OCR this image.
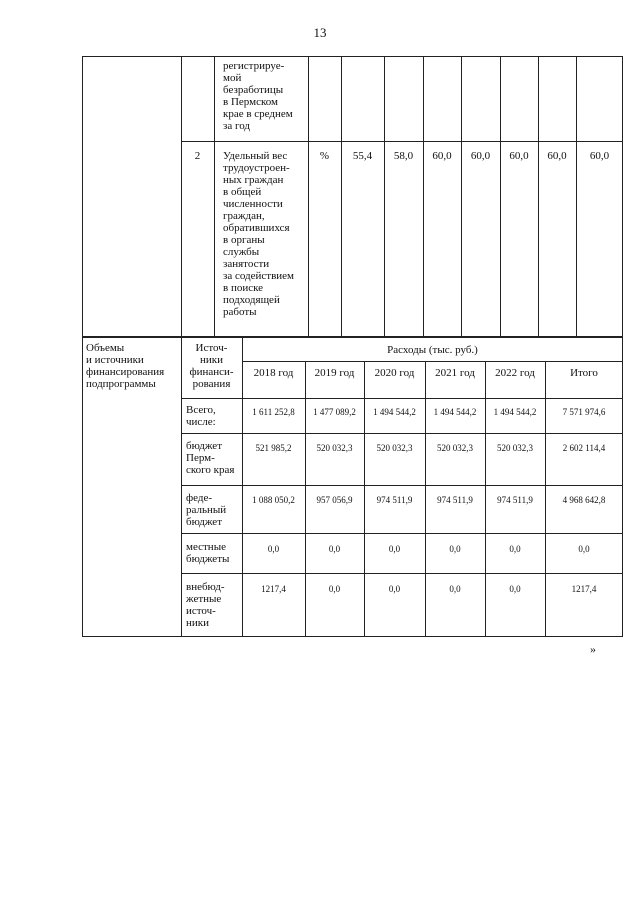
13
регистрируе-
мой
безработицы
в Пермском
крае в среднем
за год
2	Удельный вес
трудоустроен-
ных граждан
в общей
численности
граждан,
обратившихся
в органы
службы
занятости
за содействием
в поиске
подходящей
работы
%	55,4	58,0	60,0	60,0	60,0	60,0	60,0
Объемы
и источники
финансирования
подпрограммы
Источ-
ники
финанси-
рования
Расходы (тыс. руб.)
2018 год	2019 год	2020 год	2021 год	2022 год	Итого
Всего,
числе:
1 611 252,8	1 477 089,2	1 494 544,2	1 494 544,2	1 494 544,2	7 571 974,6
бюджет
Перм-
ского края
521 985,2	520 032,3	520 032,3	520 032,3	520 032,3	2 602 114,4
феде-
ральный
бюджет
1 088 050,2	957 056,9	974 511,9	974 511,9	974 511,9	4 968 642,8
местные
бюджеты
0,0	0,0	0,0	0,0	0,0	0,0
внебюд-
жетные
источ-
ники
1217,4	0,0	0,0	0,0	0,0	1217,4
»
